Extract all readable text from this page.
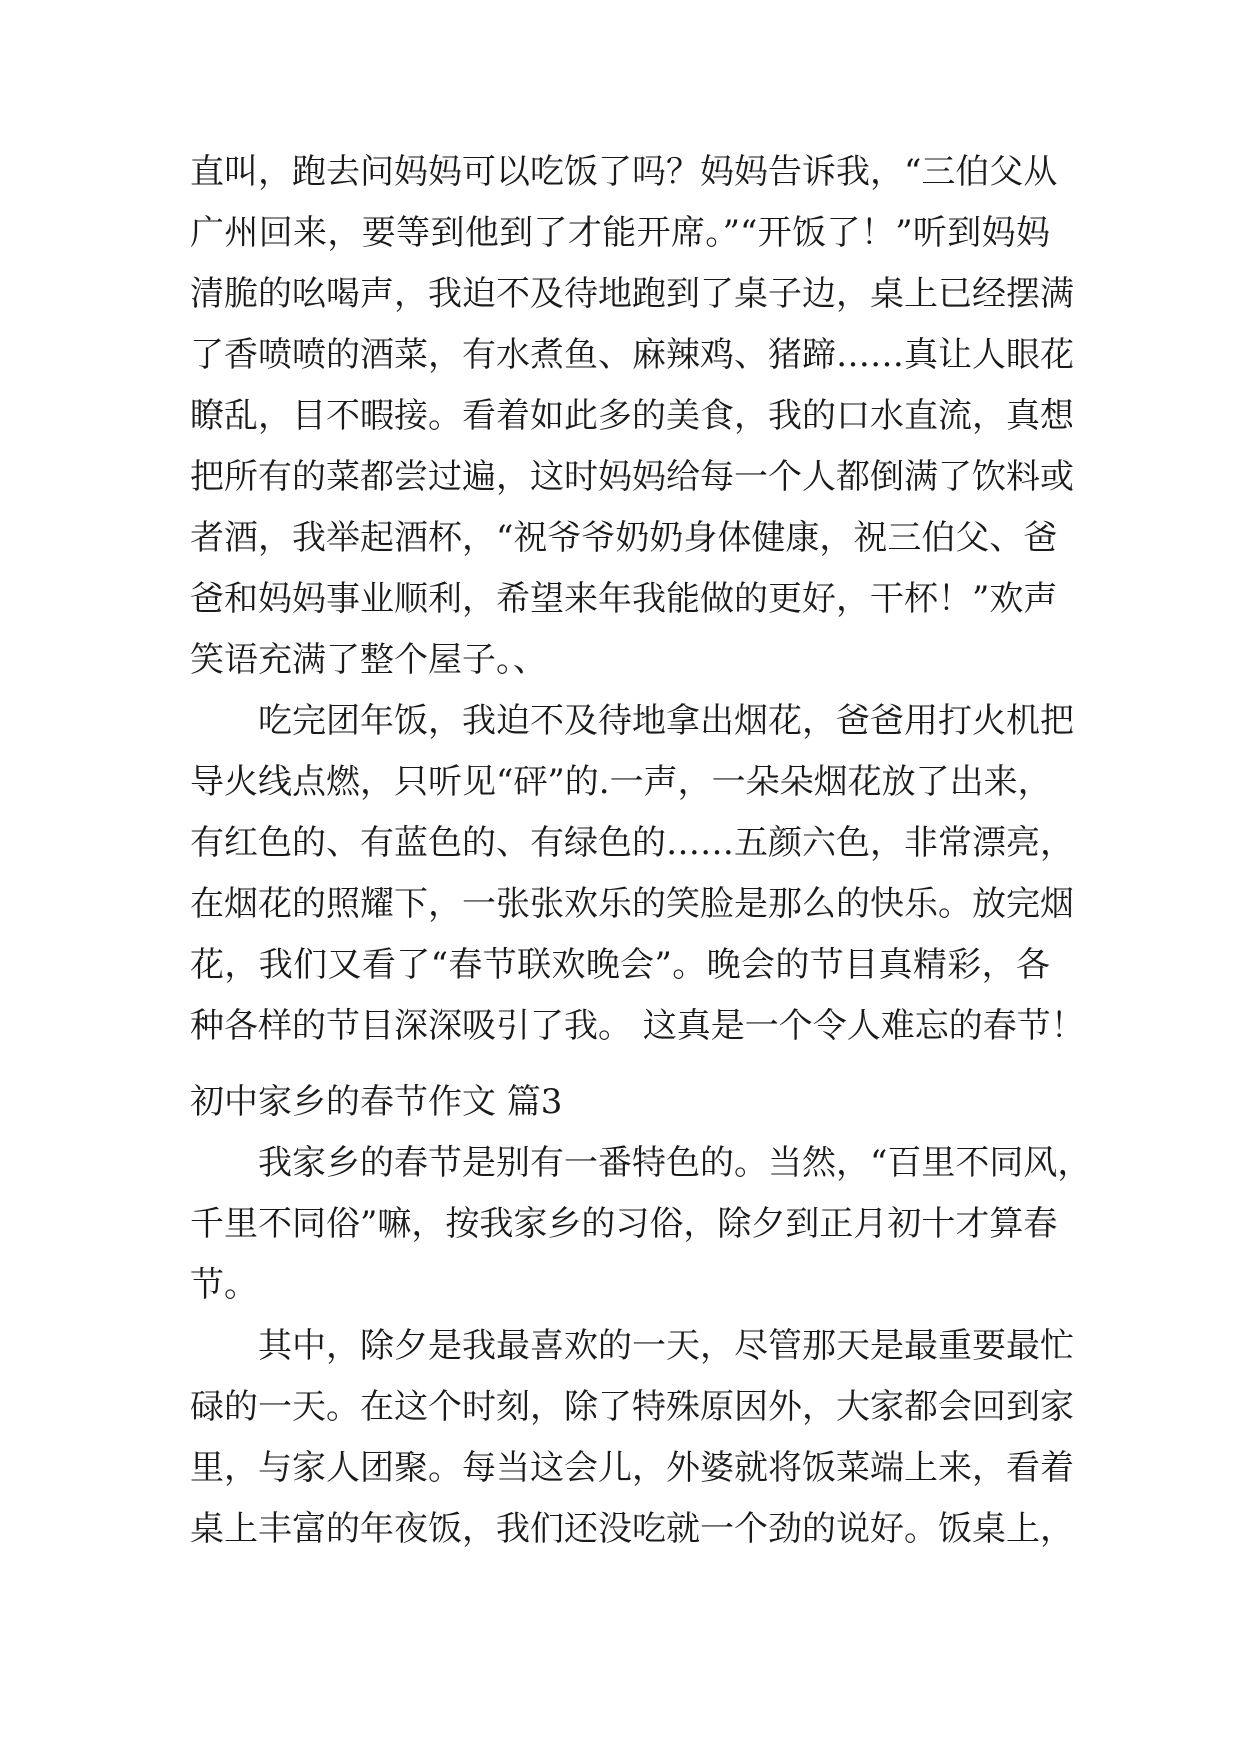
直叫，跑去问妈妈可以吃饭了吗？妈妈告诉我，“三伯父从
广州回来，要等到他到了才能开席。”“开饭了！”听到妈妈
清脆的吆喝声，我迫不及待地跑到了桌子边，桌上已经摆满
了香喷喷的酒菜，有水煮鱼、麻辣鸡、猪蹄……真让人眼花
瞭乱，目不暇接。看着如此多的美食，我的口水直流，真想
把所有的菜都尝过遍，这时妈妈给每一个人都倒满了饮料或
者酒，我举起酒杯，“祝爷爷奶奶身体健康，祝三伯父、爸
爸和妈妈事业顺利，希望来年我能做的更好，干杯！”欢声
笑语充满了整个屋子。、
吃完团年饭，我迫不及待地拿出烟花，爸爸用打火机把
导火线点燃，只听见“砰”的.一声，一朵朵烟花放了出来，
有红色的、有蓝色的、有绿色的……五颜六色，非常漂亮，
在烟花的照耀下，一张张欢乐的笑脸是那么的快乐。放完烟
花，我们又看了“春节联欢晚会”。晚会的节目真精彩，各
种各样的节目深深吸引了我。 这真是一个令人难忘的春节！
初中家乡的春节作文 篇3
我家乡的春节是别有一番特色的。当然，“百里不同风，
千里不同俗”嘛，按我家乡的习俗，除夕到正月初十才算春
节。
其中，除夕是我最喜欢的一天，尽管那天是最重要最忙
碌的一天。在这个时刻，除了特殊原因外，大家都会回到家
里，与家人团聚。每当这会儿，外婆就将饭菜端上来，看着
桌上丰富的年夜饭，我们还没吃就一个劲的说好。饭桌上，
